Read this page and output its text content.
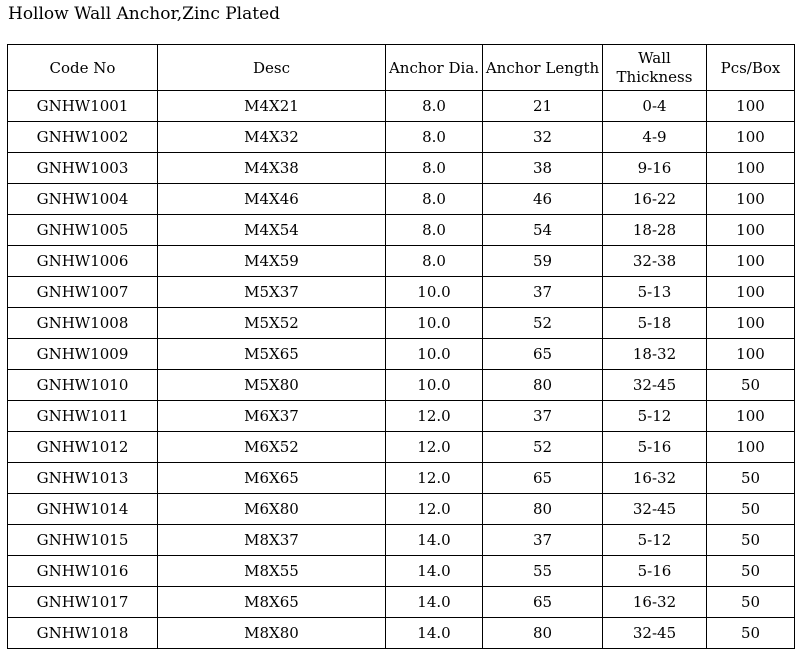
Hollow Wall Anchor,Zinc Plated
Code No	Desc	Anchor Dia.	Anchor Length	Wall Thickness	Pcs/Box
GNHW1001	M4X21	8.0	21	0-4	100
GNHW1002	M4X32	8.0	32	4-9	100
GNHW1003	M4X38	8.0	38	9-16	100
GNHW1004	M4X46	8.0	46	16-22	100
GNHW1005	M4X54	8.0	54	18-28	100
GNHW1006	M4X59	8.0	59	32-38	100
GNHW1007	M5X37	10.0	37	5-13	100
GNHW1008	M5X52	10.0	52	5-18	100
GNHW1009	M5X65	10.0	65	18-32	100
GNHW1010	M5X80	10.0	80	32-45	50
GNHW1011	M6X37	12.0	37	5-12	100
GNHW1012	M6X52	12.0	52	5-16	100
GNHW1013	M6X65	12.0	65	16-32	50
GNHW1014	M6X80	12.0	80	32-45	50
GNHW1015	M8X37	14.0	37	5-12	50
GNHW1016	M8X55	14.0	55	5-16	50
GNHW1017	M8X65	14.0	65	16-32	50
GNHW1018	M8X80	14.0	80	32-45	50
